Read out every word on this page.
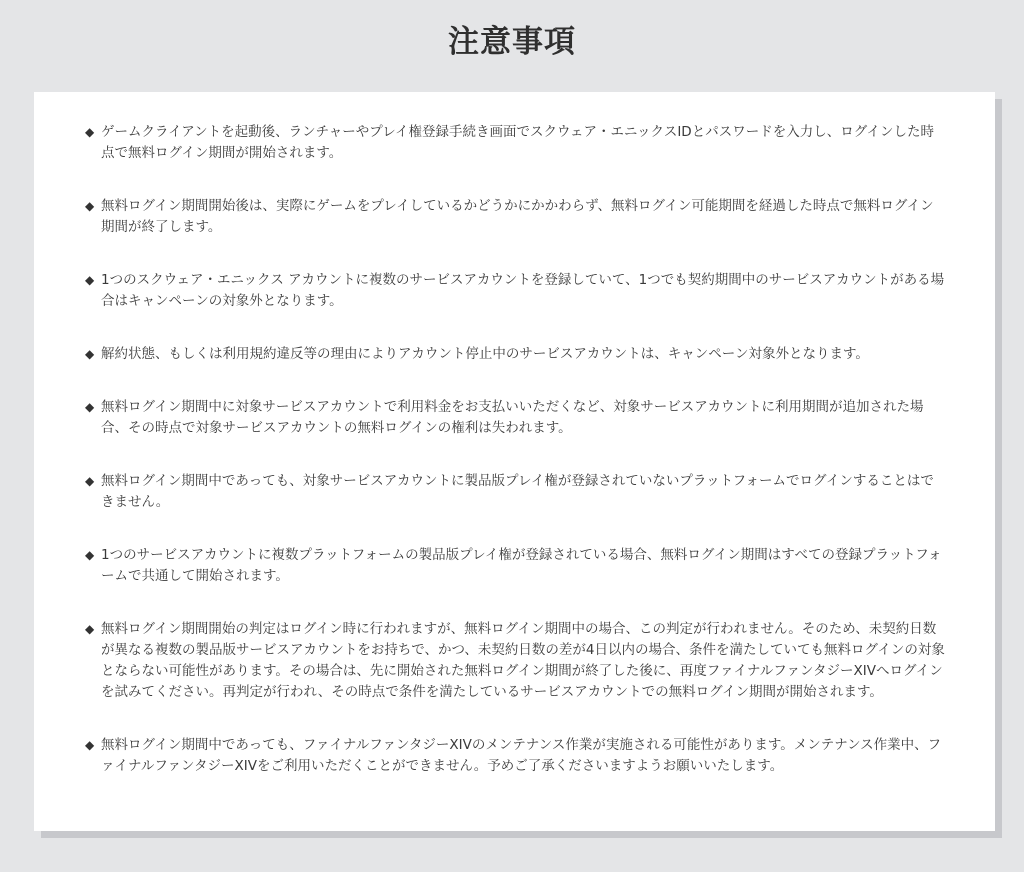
注意事項
◆ ゲームクライアントを起動後、ランチャーやプレイ権登録手続き画面でスクウェア・エニックスIDとパスワードを入力し、ログインした時点で無料ログイン期間が開始されます。
◆ 無料ログイン期間開始後は、実際にゲームをプレイしているかどうかにかかわらず、無料ログイン可能期間を経過した時点で無料ログイン期間が終了します。
◆ 1つのスクウェア・エニックス アカウントに複数のサービスアカウントを登録していて、1つでも契約期間中のサービスアカウントがある場合はキャンペーンの対象外となります。
◆ 解約状態、もしくは利用規約違反等の理由によりアカウント停止中のサービスアカウントは、キャンペーン対象外となります。
◆ 無料ログイン期間中に対象サービスアカウントで利用料金をお支払いいただくなど、対象サービスアカウントに利用期間が追加された場合、その時点で対象サービスアカウントの無料ログインの権利は失われます。
◆ 無料ログイン期間中であっても、対象サービスアカウントに製品版プレイ権が登録されていないプラットフォームでログインすることはできません。
◆ 1つのサービスアカウントに複数プラットフォームの製品版プレイ権が登録されている場合、無料ログイン期間はすべての登録プラットフォームで共通して開始されます。
◆ 無料ログイン期間開始の判定はログイン時に行われますが、無料ログイン期間中の場合、この判定が行われません。そのため、未契約日数が異なる複数の製品版サービスアカウントをお持ちで、かつ、未契約日数の差が4日以内の場合、条件を満たしていても無料ログインの対象とならない可能性があります。その場合は、先に開始された無料ログイン期間が終了した後に、再度ファイナルファンタジーXIVへログインを試みてください。再判定が行われ、その時点で条件を満たしているサービスアカウントでの無料ログイン期間が開始されます。
◆ 無料ログイン期間中であっても、ファイナルファンタジーXIVのメンテナンス作業が実施される可能性があります。メンテナンス作業中、ファイナルファンタジーXIVをご利用いただくことができません。予めご了承くださいますようお願いいたします。
